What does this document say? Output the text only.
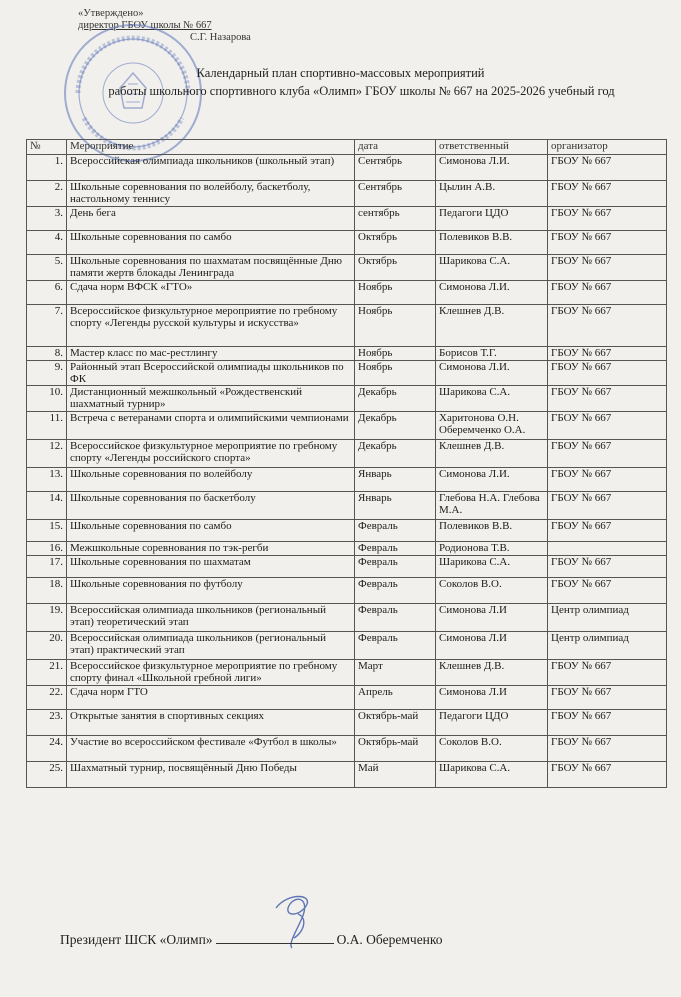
«Утверждено»
директор ГБОУ школы № 667
С.Г. Назарова
Календарный план спортивно-массовых мероприятий
работы школьного спортивного клуба «Олимп» ГБОУ школы № 667 на 2025-2026 учебный год
№	Мероприятие	дата	ответственный	организатор
1.	Всероссийская олимпиада школьников (школьный этап)	Сентябрь	Симонова Л.И.	ГБОУ № 667
2.	Школьные соревнования по волейболу, баскетболу, настольному теннису	Сентябрь	Цылин А.В.	ГБОУ № 667
3.	День бега	сентябрь	Педагоги ЦДО	ГБОУ № 667
4.	Школьные соревнования по самбо	Октябрь	Полевиков В.В.	ГБОУ № 667
5.	Школьные соревнования по шахматам посвящённые Дню памяти жертв блокады Ленинграда	Октябрь	Шарикова С.А.	ГБОУ № 667
6.	Сдача норм ВФСК «ГТО»	Ноябрь	Симонова Л.И.	ГБОУ № 667
7.	Всероссийское физкультурное мероприятие по гребному спорту «Легенды русской культуры и искусства»	Ноябрь	Клешнев Д.В.	ГБОУ № 667
8.	Мастер класс по мас-рестлингу	Ноябрь	Борисов Т.Г.	ГБОУ № 667
9.	Районный этап Всероссийской олимпиады школьников по ФК	Ноябрь	Симонова Л.И.	ГБОУ № 667
10.	Дистанционный межшкольный «Рождественский шахматный турнир»	Декабрь	Шарикова С.А.	ГБОУ № 667
11.	Встреча с ветеранами спорта и олимпийскими чемпионами	Декабрь	Харитонова О.Н. Оберемченко О.А.	ГБОУ № 667
12.	Всероссийское физкультурное мероприятие по гребному спорту «Легенды российского спорта»	Декабрь	Клешнев Д.В.	ГБОУ № 667
13.	Школьные соревнования по волейболу	Январь	Симонова Л.И.	ГБОУ № 667
14.	Школьные соревнования по баскетболу	Январь	Глебова Н.А. Глебова М.А.	ГБОУ № 667
15.	Школьные соревнования по самбо	Февраль	Полевиков В.В.	ГБОУ № 667
16.	Межшкольные соревнования по тэк-регби	Февраль	Родионова Т.В.	
17.	Школьные соревнования по шахматам	Февраль	Шарикова С.А.	ГБОУ № 667
18.	Школьные соревнования по футболу	Февраль	Соколов В.О.	ГБОУ № 667
19.	Всероссийская олимпиада школьников (региональный этап) теоретический этап	Февраль	Симонова Л.И	Центр олимпиад
20.	Всероссийская олимпиада школьников (региональный этап) практический этап	Февраль	Симонова Л.И	Центр олимпиад
21.	Всероссийское физкультурное мероприятие по гребному спорту финал «Школьной гребной лиги»	Март	Клешнев Д.В.	ГБОУ № 667
22.	Сдача норм ГТО	Апрель	Симонова Л.И	ГБОУ № 667
23.	Открытые занятия в спортивных секциях	Октябрь-май	Педагоги ЦДО	ГБОУ № 667
24.	Участие во всероссийском фестивале «Футбол в школы»	Октябрь-май	Соколов В.О.	ГБОУ № 667
25.	Шахматный турнир, посвящённый Дню Победы	Май	Шарикова С.А.	ГБОУ № 667
Президент ШСК «Олимп»	О.А. Оберемченко
